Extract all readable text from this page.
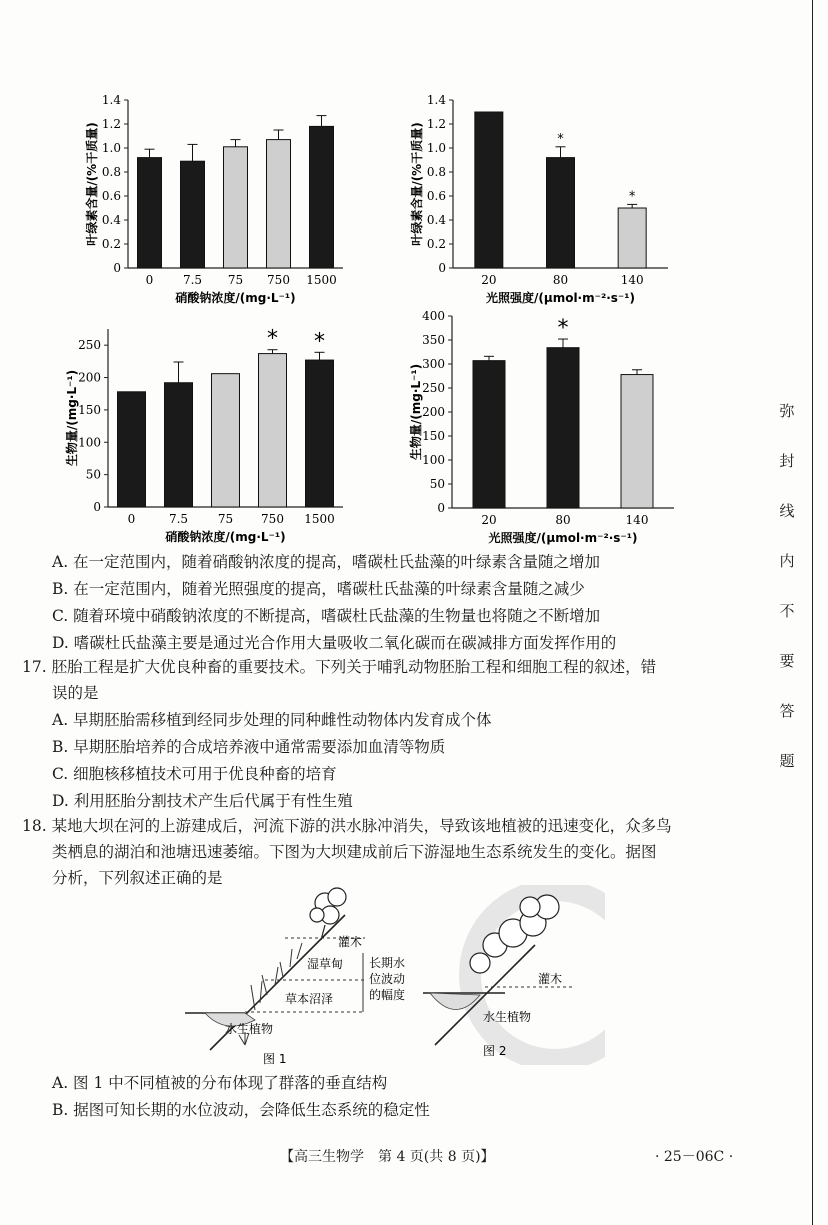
0
0.2
0.4
0.6
0.8
1.0
1.2
1.4
0 7.5 75 750 1500
硝酸钠浓度/(mg·L⁻¹)
叶绿素含量/(%干质量)
0
0.2
0.4
0.6
0.8
1.0
1.2
1.4
20
*
80
*
140
光照强度/(μmol·m⁻²·s⁻¹)
叶绿素含量/(%干质量)
0
50
100
150
200
250
0	7.5 75
*
750
*
1500
硝酸钠浓度/(mg·L⁻¹)
生物量/(mg·L⁻¹)
0
50
100
150
200
250
300
350
400
20
*
80	140
光照强度/(μmol·m⁻²·s⁻¹)
生物量/(mg·L⁻¹)
A. 在一定范围内，随着硝酸钠浓度的提高，嗜碳杜氏盐藻的叶绿素含量随之增加
B. 在一定范围内，随着光照强度的提高，嗜碳杜氏盐藻的叶绿素含量随之减少
C. 随着环境中硝酸钠浓度的不断提高，嗜碳杜氏盐藻的生物量也将随之不断增加
D. 嗜碳杜氏盐藻主要是通过光合作用大量吸收二氧化碳而在碳减排方面发挥作用的
17. 胚胎工程是扩大优良种畜的重要技术。下列关于哺乳动物胚胎工程和细胞工程的叙述，错
误的是
A. 早期胚胎需移植到经同步处理的同种雌性动物体内发育成个体
B. 早期胚胎培养的合成培养液中通常需要添加血清等物质
C. 细胞核移植技术可用于优良种畜的培育
D. 利用胚胎分割技术产生后代属于有性生殖
18. 某地大坝在河的上游建成后，河流下游的洪水脉冲消失，导致该地植被的迅速变化，众多鸟
类栖息的湖泊和池塘迅速萎缩。下图为大坝建成前后下游湿地生态系统发生的变化。据图
分析，下列叙述正确的是
灌木
湿草甸
草本沼泽
水生植物
长期水
位波动
的幅度
图 1
灌木
水生植物
图 2
A. 图 1 中不同植被的分布体现了群落的垂直结构
B. 据图可知长期的水位波动，会降低生态系统的稳定性
【高三生物学　第 4 页(共 8 页)】	· 25－06C ·
弥
封
线
内
不
要
答
题
